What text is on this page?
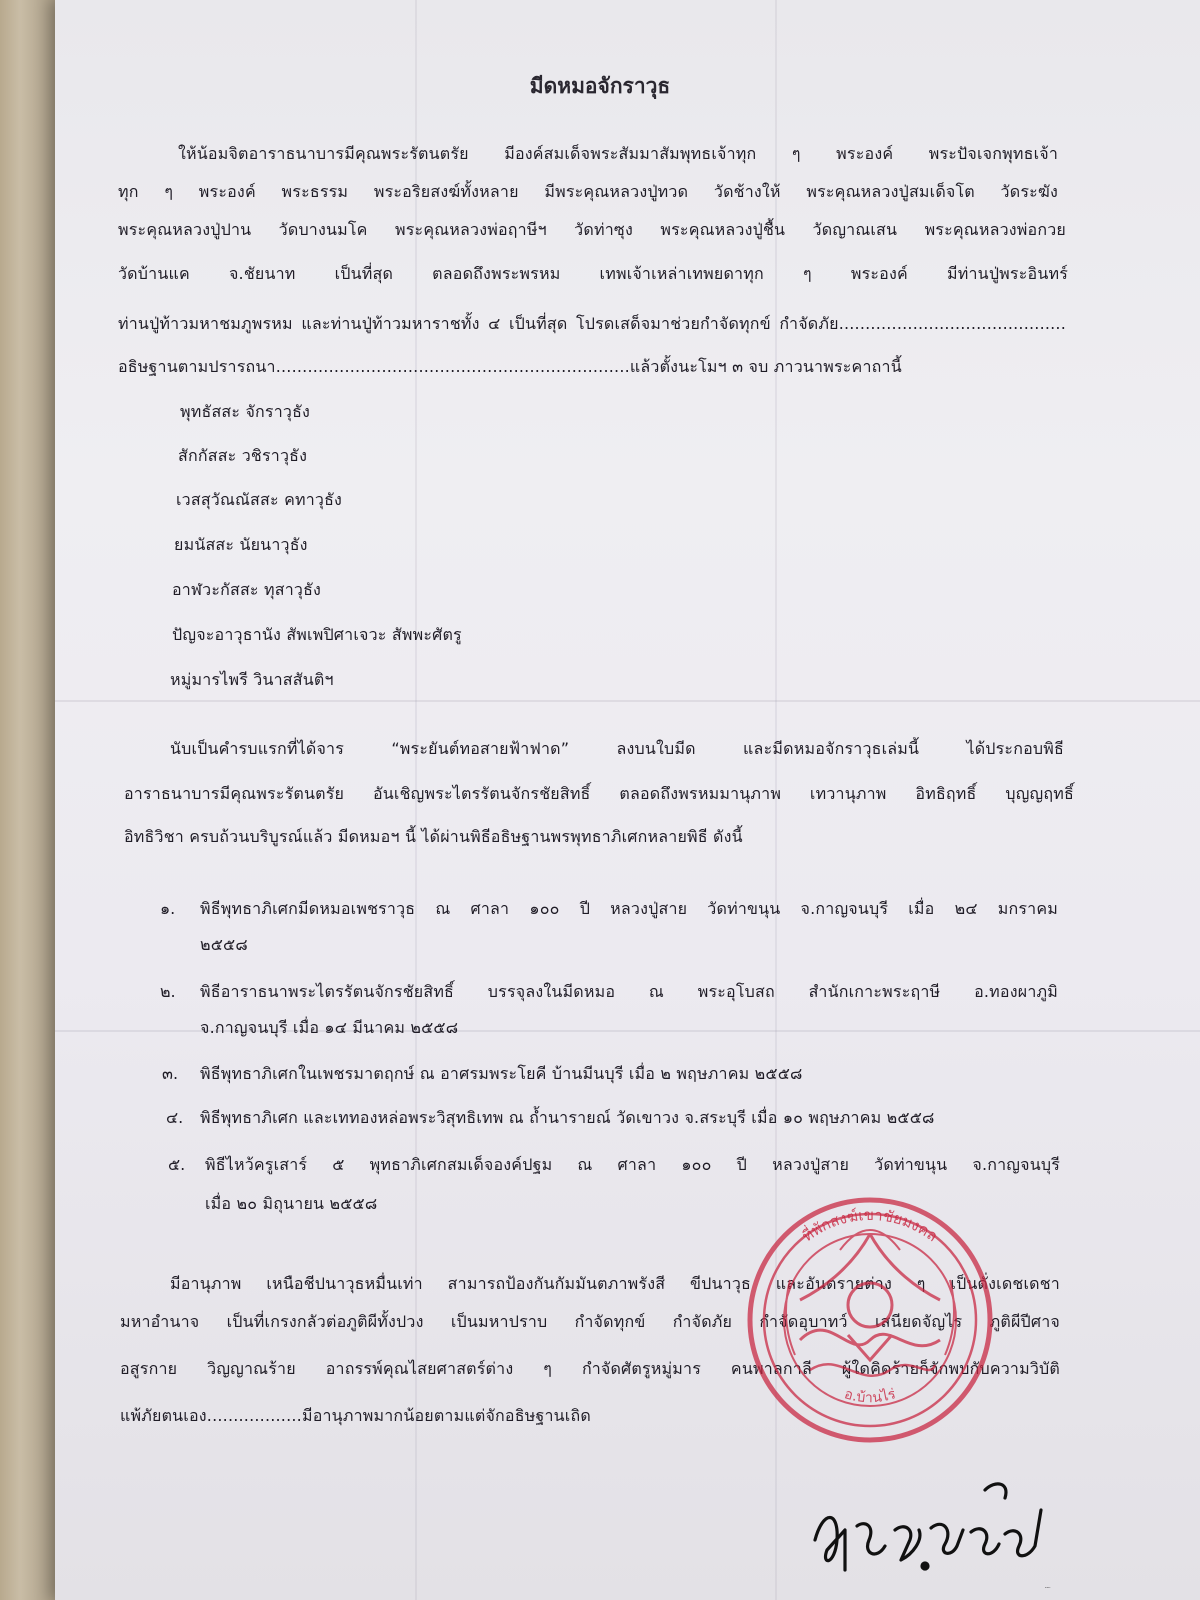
มีดหมอจักราวุธ
ให้น้อมจิตอาราธนาบารมีคุณพระรัตนตรัย มีองค์สมเด็จพระสัมมาสัมพุทธเจ้าทุก ๆ พระองค์ พระปัจเจกพุทธเจ้า
ทุก ๆ พระองค์ พระธรรม พระอริยสงฆ์ทั้งหลาย มีพระคุณหลวงปู่ทวด วัดช้างให้ พระคุณหลวงปู่สมเด็จโต วัดระฆัง
พระคุณหลวงปู่ปาน วัดบางนมโค พระคุณหลวงพ่อฤาษีฯ วัดท่าซุง พระคุณหลวงปู่ชื้น วัดญาณเสน พระคุณหลวงพ่อกวย
วัดบ้านแค จ.ชัยนาท เป็นที่สุด ตลอดถึงพระพรหม เทพเจ้าเหล่าเทพยดาทุก ๆ พระองค์ มีท่านปู่พระอินทร์
ท่านปู่ท้าวมหาชมภูพรหม และท่านปู่ท้าวมหาราชทั้ง ๔ เป็นที่สุด โปรดเสด็จมาช่วยกำจัดทุกข์ กำจัดภัย...........................................
อธิษฐานตามปรารถนา...................................................................แล้วตั้งนะโมฯ ๓ จบ ภาวนาพระคาถานี้
พุทธัสสะ จักราวุธัง
สักกัสสะ วชิราวุธัง
เวสสุวัณณัสสะ คทาวุธัง
ยมนัสสะ นัยนาวุธัง
อาฬวะกัสสะ ทุสาวุธัง
ปัญจะอาวุธานัง สัพเพปิศาเจวะ สัพพะศัตรู
หมู่มารไพรี วินาสสันติฯ
นับเป็นคำรบแรกที่ได้จาร “พระยันต์ทอสายฟ้าฟาด” ลงบนใบมีด และมีดหมอจักราวุธเล่มนี้ ได้ประกอบพิธี
อาราธนาบารมีคุณพระรัตนตรัย อันเชิญพระไตรรัตนจักรชัยสิทธิ์ ตลอดถึงพรหมมานุภาพ เทวานุภาพ อิทธิฤทธิ์ บุญญฤทธิ์
อิทธิวิชา ครบถ้วนบริบูรณ์แล้ว มีดหมอฯ นี้ ได้ผ่านพิธีอธิษฐานพรพุทธาภิเศกหลายพิธี ดังนี้
๑. พิธีพุทธาภิเศกมีดหมอเพชราวุธ ณ ศาลา ๑๐๐ ปี หลวงปู่สาย วัดท่าขนุน จ.กาญจนบุรี เมื่อ ๒๔ มกราคม
๒๕๕๘
๒. พิธีอาราธนาพระไตรรัตนจักรชัยสิทธิ์ บรรจุลงในมีดหมอ ณ พระอุโบสถ สำนักเกาะพระฤาษี อ.ทองผาภูมิ
จ.กาญจนบุรี เมื่อ ๑๔ มีนาคม ๒๕๕๘
๓. พิธีพุทธาภิเศกในเพชรมาตฤกษ์ ณ อาศรมพระโยคี บ้านมีนบุรี เมื่อ ๒ พฤษภาคม ๒๕๕๘
๔. พิธีพุทธาภิเศก และเททองหล่อพระวิสุทธิเทพ ณ ถ้ำนารายณ์ วัดเขาวง จ.สระบุรี เมื่อ ๑๐ พฤษภาคม ๒๕๕๘
๕. พิธีไหว้ครูเสาร์ ๕ พุทธาภิเศกสมเด็จองค์ปฐม ณ ศาลา ๑๐๐ ปี หลวงปู่สาย วัดท่าขนุน จ.กาญจนบุรี
เมื่อ ๒๐ มิถุนายน ๒๕๕๘
มีอานุภาพ เหนือชีปนาวุธหมื่นเท่า สามารถป้องกันกัมมันตภาพรังสี ขีปนาวุธ และอันตรายต่าง ๆ เป็นดั่งเดชเดชา
มหาอำนาจ เป็นที่เกรงกลัวต่อภูติผีทั้งปวง เป็นมหาปราบ กำจัดทุกข์ กำจัดภัย กำจัดอุบาทว์ เสนียดจัญไร ภูติผีปีศาจ
อสูรกาย วิญญาณร้าย อาถรรพ์คุณไสยศาสตร์ต่าง ๆ กำจัดศัตรูหมู่มาร คนพาลกาลี ผู้ใดคิดร้ายก็จักพบกับความวิบัติ
แพ้ภัยตนเอง..................มีอานุภาพมากน้อยตามแต่จักอธิษฐานเถิด
ที่พักสงฆ์เขาชัยมงคล
อ.บ้านไร่
พระธัมมสโร
